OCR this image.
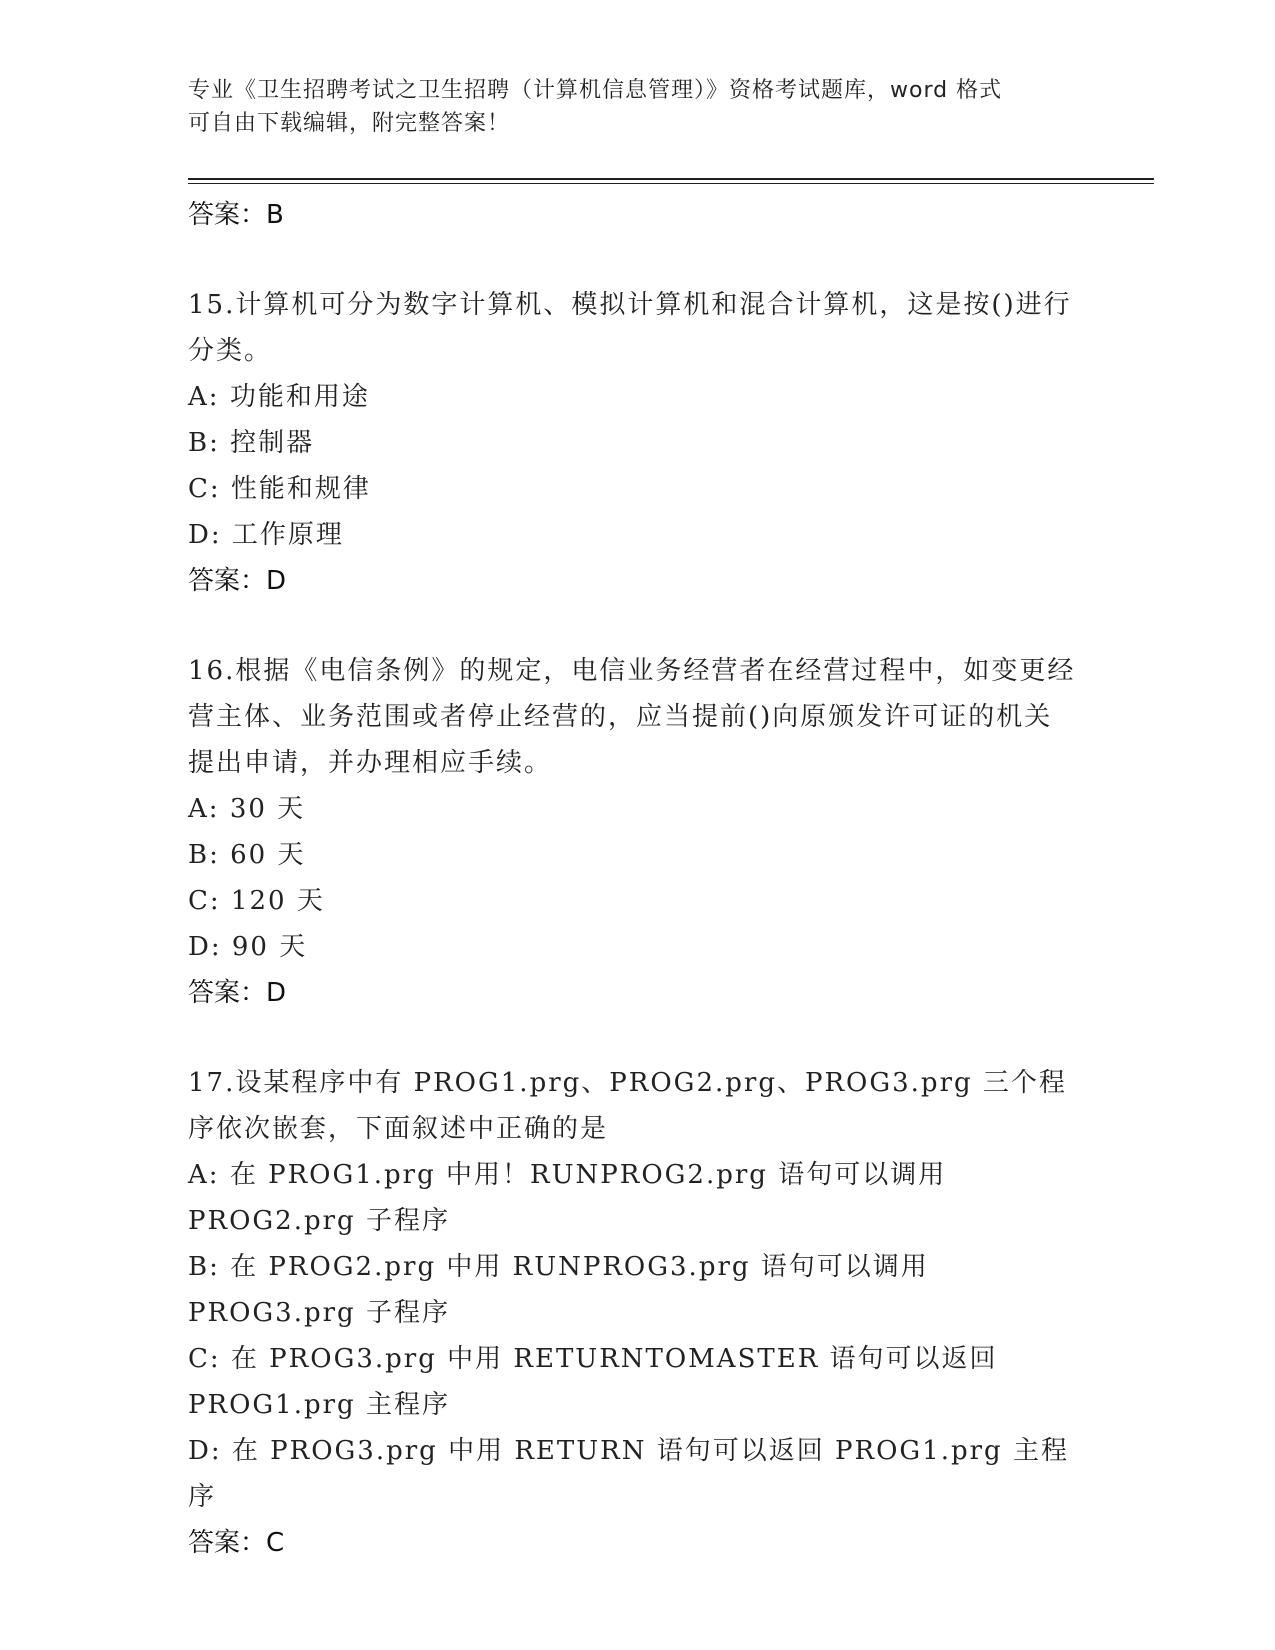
专业《卫生招聘考试之卫生招聘（计算机信息管理）》资格考试题库，word 格式
可自由下载编辑，附完整答案！
答案：B
15.计算机可分为数字计算机、模拟计算机和混合计算机，这是按()进行分类。
A: 功能和用途
B: 控制器
C: 性能和规律
D: 工作原理
答案：D
16.根据《电信条例》的规定，电信业务经营者在经营过程中，如变更经营主体、业务范围或者停止经营的，应当提前()向原颁发许可证的机关提出申请，并办理相应手续。
A: 30 天
B: 60 天
C: 120 天
D: 90 天
答案：D
17.设某程序中有 PROG1.prg、PROG2.prg、PROG3.prg 三个程序依次嵌套，下面叙述中正确的是
A: 在 PROG1.prg 中用！RUNPROG2.prg 语句可以调用 PROG2.prg 子程序
B: 在 PROG2.prg 中用 RUNPROG3.prg 语句可以调用 PROG3.prg 子程序
C: 在 PROG3.prg 中用 RETURNTOMASTER 语句可以返回 PROG1.prg 主程序
D: 在 PROG3.prg 中用 RETURN 语句可以返回 PROG1.prg 主程序
答案：C
